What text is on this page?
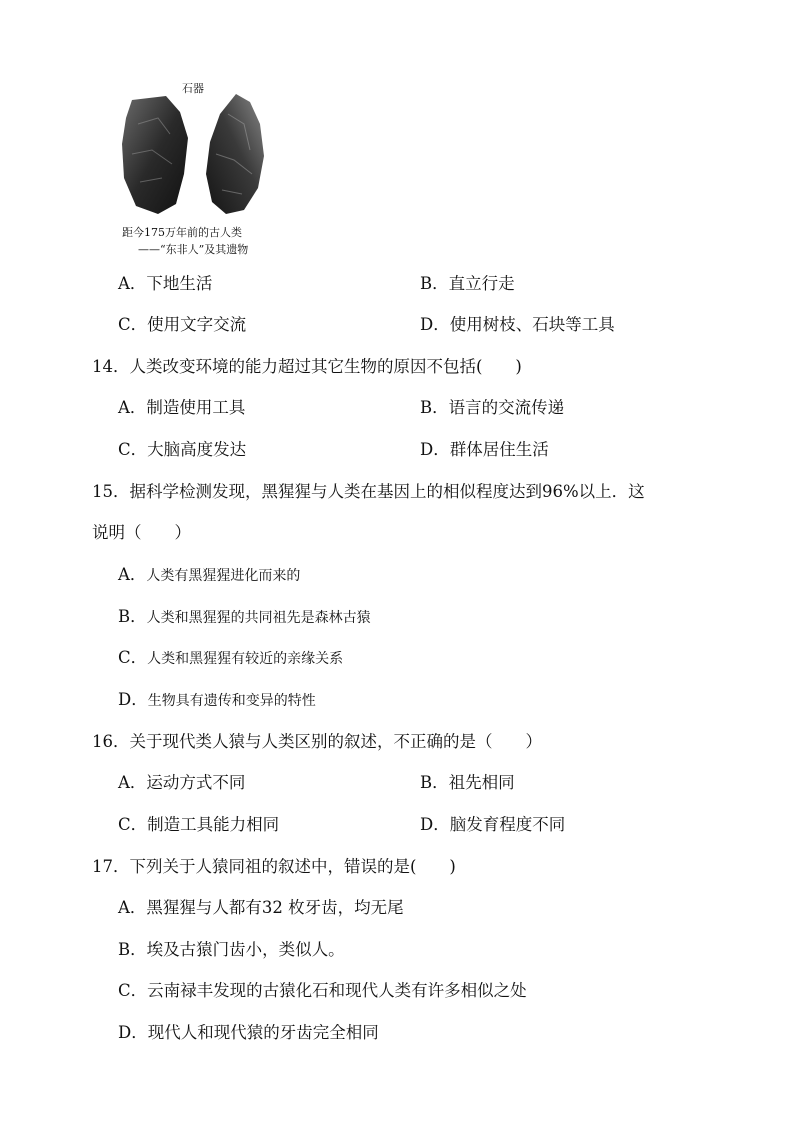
石器
距今175万年前的古人类
——“东非人”及其遗物
A．下地生活	B．直立行走
C．使用文字交流	D．使用树枝、石块等工具
14．人类改变环境的能力超过其它生物的原因不包括(　　)
A．制造使用工具	B．语言的交流传递
C．大脑高度发达	D．群体居住生活
15．据科学检测发现，黑猩猩与人类在基因上的相似程度达到96%以上．这
说明（　　）
A．人类有黑猩猩进化而来的
B．人类和黑猩猩的共同祖先是森林古猿
C．人类和黑猩猩有较近的亲缘关系
D．生物具有遗传和变异的特性
16．关于现代类人猿与人类区别的叙述，不正确的是（　　）
A．运动方式不同	B．祖先相同
C．制造工具能力相同	D．脑发育程度不同
17．下列关于人猿同祖的叙述中，错误的是(　　)
A．黑猩猩与人都有32 枚牙齿，均无尾
B．埃及古猿门齿小，类似人。
C．云南禄丰发现的古猿化石和现代人类有许多相似之处
D．现代人和现代猿的牙齿完全相同
